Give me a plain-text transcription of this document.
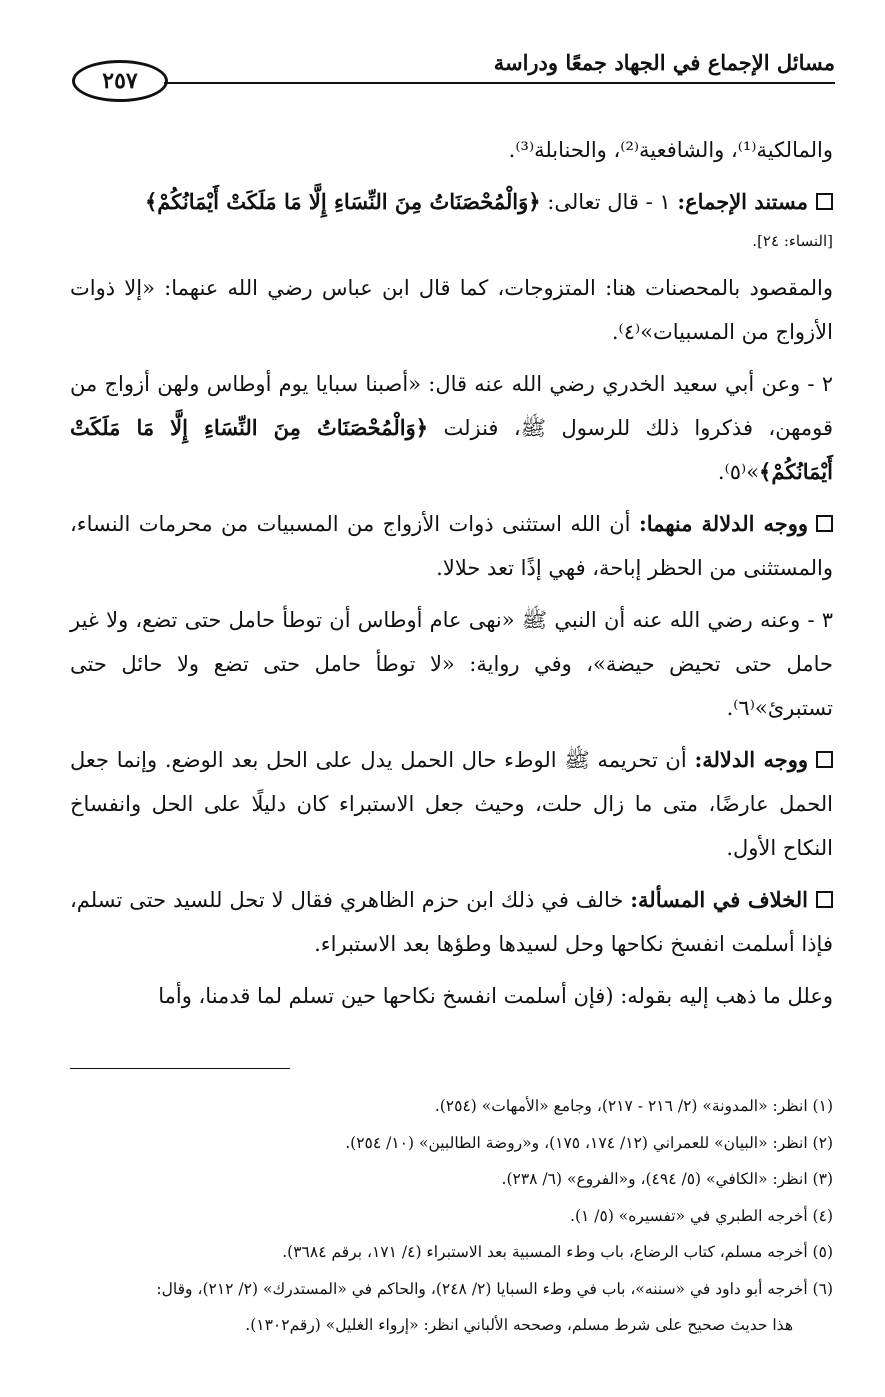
مسائل الإجماع في الجهاد جمعًا ودراسة
٢٥٧

والمالكية⁽¹⁾، والشافعية⁽²⁾، والحنابلة⁽³⁾.

مستند الإجماع: ١ - قال تعالى: ﴿وَالْمُحْصَنَاتُ مِنَ النِّسَاءِ إِلَّا مَا مَلَكَتْ أَيْمَانُكُمْ﴾

[النساء: ٢٤].

والمقصود بالمحصنات هنا: المتزوجات، كما قال ابن عباس رضي الله عنهما: «إلا ذوات الأزواج من المسبيات»⁽٤⁾.

٢ - وعن أبي سعيد الخدري رضي الله عنه قال: «أصبنا سبايا يوم أوطاس ولهن أزواج من قومهن، فذكروا ذلك للرسول ﷺ، فنزلت ﴿وَالْمُحْصَنَاتُ مِنَ النِّسَاءِ إِلَّا مَا مَلَكَتْ أَيْمَانُكُمْ﴾»⁽٥⁾.

ووجه الدلالة منهما: أن الله استثنى ذوات الأزواج من المسبيات من محرمات النساء، والمستثنى من الحظر إباحة، فهي إذًا تعد حلالا.

٣ - وعنه رضي الله عنه أن النبي ﷺ «نهى عام أوطاس أن توطأ حامل حتى تضع، ولا غير حامل حتى تحيض حيضة»، وفي رواية: «لا توطأ حامل حتى تضع ولا حائل حتى تستبرئ»⁽٦⁾.

ووجه الدلالة: أن تحريمه ﷺ الوطء حال الحمل يدل على الحل بعد الوضع. وإنما جعل الحمل عارضًا، متى ما زال حلت، وحيث جعل الاستبراء كان دليلًا على الحل وانفساخ النكاح الأول.

الخلاف في المسألة: خالف في ذلك ابن حزم الظاهري فقال لا تحل للسيد حتى تسلم، فإذا أسلمت انفسخ نكاحها وحل لسيدها وطؤها بعد الاستبراء.

وعلل ما ذهب إليه بقوله: (فإن أسلمت انفسخ نكاحها حين تسلم لما قدمنا، وأما

(١) انظر: «المدونة» (٢/ ٢١٦ - ٢١٧)، وجامع «الأمهات» (٢٥٤).

(٢) انظر: «البيان» للعمراني (١٢/ ١٧٤، ١٧٥)، و«روضة الطالبين» (١٠/ ٢٥٤).

(٣) انظر: «الكافي» (٥/ ٤٩٤)، و«الفروع» (٦/ ٢٣٨).

(٤) أخرجه الطبري في «تفسيره» (٥/ ١).

(٥) أخرجه مسلم، كتاب الرضاع، باب وطء المسبية بعد الاستبراء (٤/ ١٧١، برقم ٣٦٨٤).

(٦) أخرجه أبو داود في «سننه»، باب في وطء السبايا (٢/ ٢٤٨)، والحاكم في «المستدرك» (٢/ ٢١٢)، وقال:

هذا حديث صحيح على شرط مسلم، وصححه الألباني انظر: «إرواء الغليل» (رقم١٣٠٢).
